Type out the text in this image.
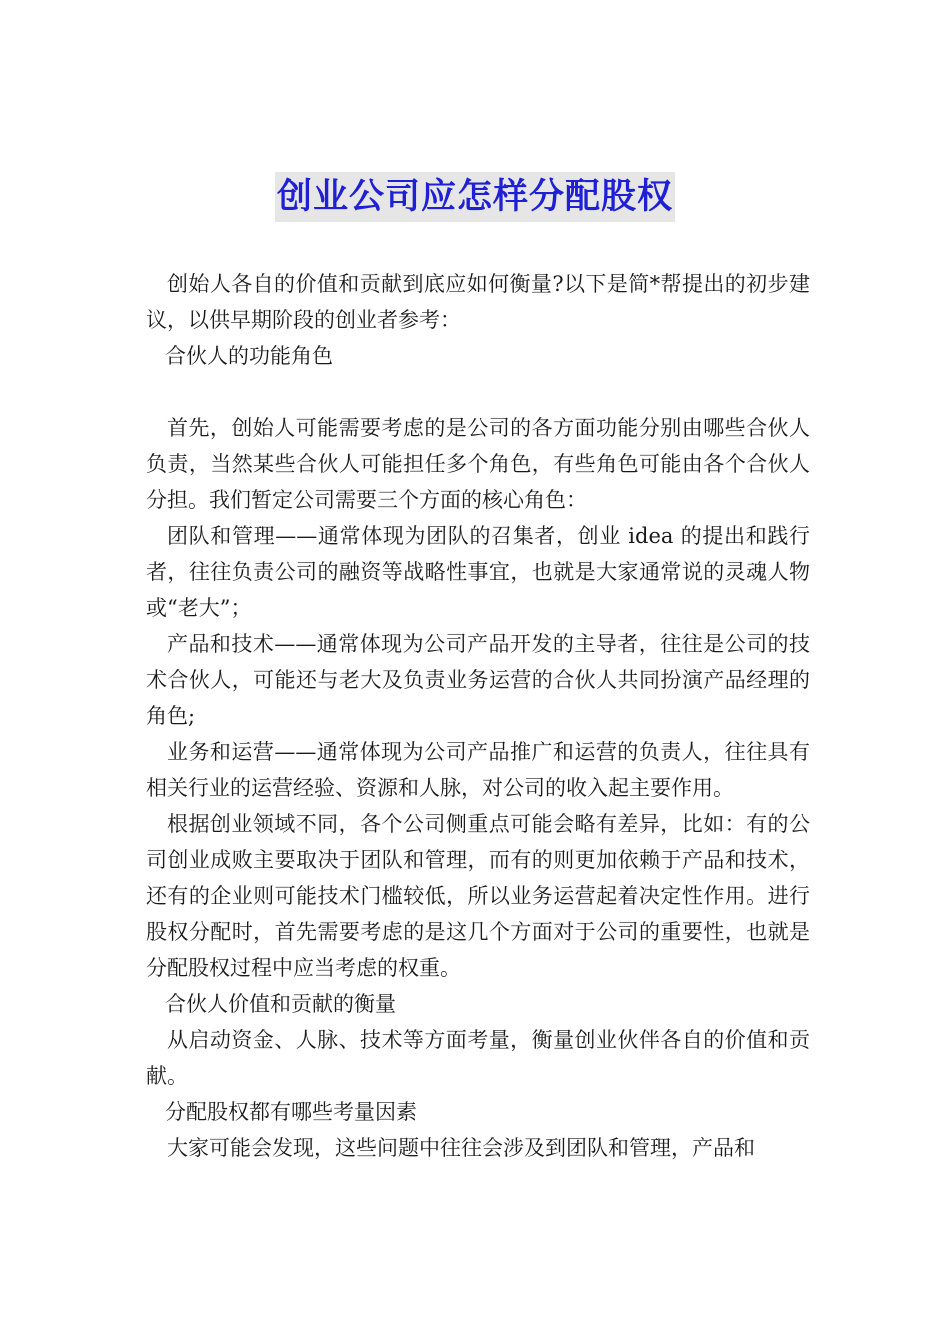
创业公司应怎样分配股权

创始人各自的价值和贡献到底应如何衡量?以下是简*帮提出的初步建议，以供早期阶段的创业者参考：

合伙人的功能角色

首先，创始人可能需要考虑的是公司的各方面功能分别由哪些合伙人负责，当然某些合伙人可能担任多个角色，有些角色可能由各个合伙人分担。我们暂定公司需要三个方面的核心角色：

团队和管理——通常体现为团队的召集者，创业 idea 的提出和践行者，往往负责公司的融资等战略性事宜，也就是大家通常说的灵魂人物或“老大”；

产品和技术——通常体现为公司产品开发的主导者，往往是公司的技术合伙人，可能还与老大及负责业务运营的合伙人共同扮演产品经理的角色;

业务和运营——通常体现为公司产品推广和运营的负责人，往往具有相关行业的运营经验、资源和人脉，对公司的收入起主要作用。

根据创业领域不同，各个公司侧重点可能会略有差异，比如：有的公司创业成败主要取决于团队和管理，而有的则更加依赖于产品和技术，还有的企业则可能技术门槛较低，所以业务运营起着决定性作用。进行股权分配时，首先需要考虑的是这几个方面对于公司的重要性，也就是分配股权过程中应当考虑的权重。

合伙人价值和贡献的衡量

从启动资金、人脉、技术等方面考量，衡量创业伙伴各自的价值和贡献。

分配股权都有哪些考量因素

大家可能会发现，这些问题中往往会涉及到团队和管理，产品和
